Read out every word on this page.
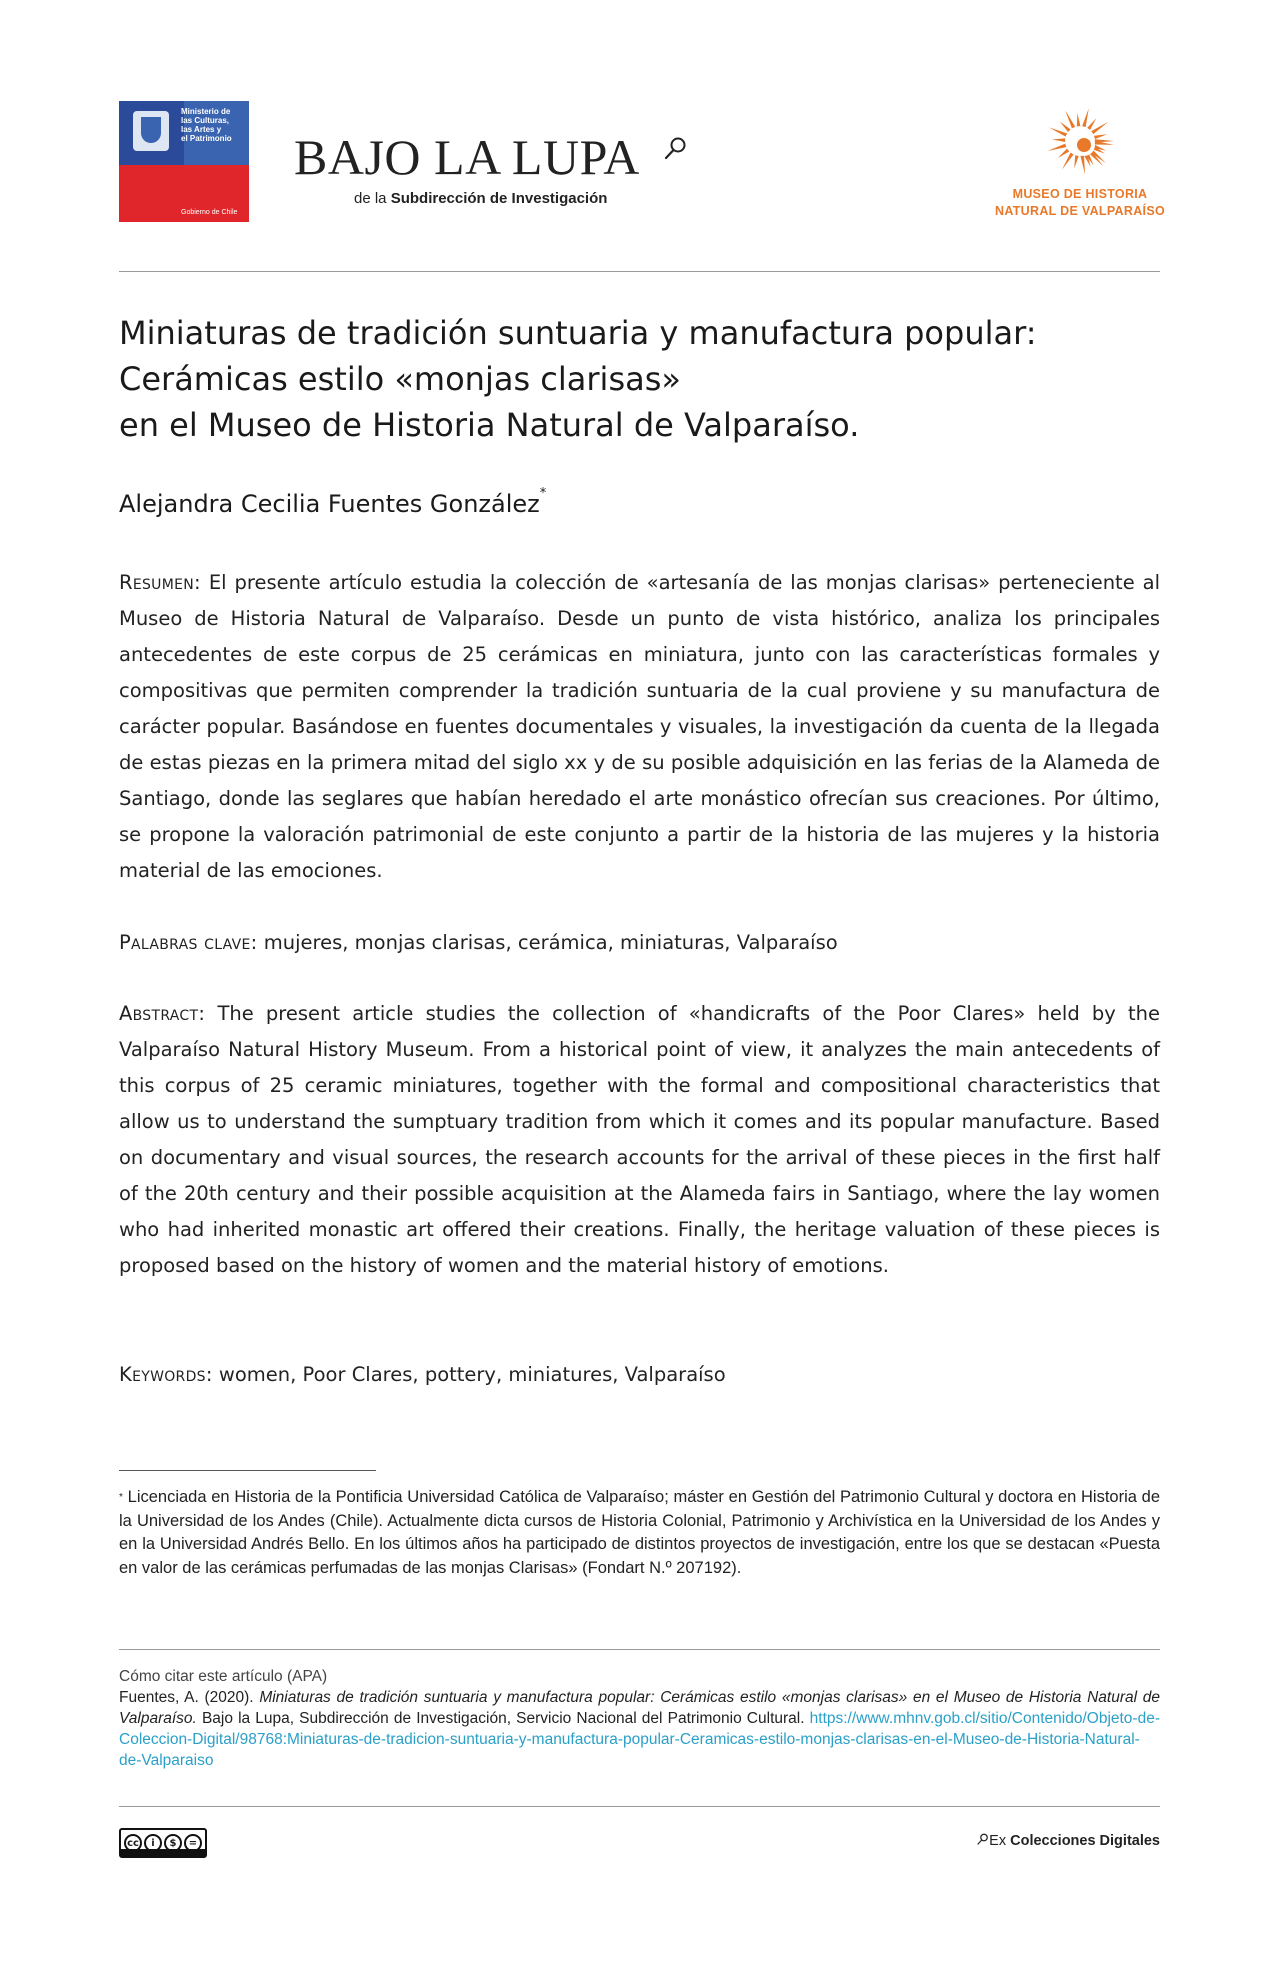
Ministerio de
las Culturas,
las Artes y
el Patrimonio
Gobierno de Chile
BAJO LA LUPA
de la Subdirección de Investigación	MUSEO DE HISTORIA
NATURAL DE VALPARAÍSO
Miniaturas de tradición suntuaria y manufactura popular:
Cerámicas estilo «monjas clarisas»
en el Museo de Historia Natural de Valparaíso.
Alejandra Cecilia Fuentes González*
Resumen: El presente artículo estudia la colección de «artesanía de las monjas clarisas» perteneciente al Museo de Historia Natural de Valparaíso. Desde un punto de vista histórico, analiza los principales antecedentes de este corpus de 25 cerámicas en miniatura, junto con las características formales y compositivas que permiten comprender la tradición suntuaria de la cual proviene y su manufactura de carácter popular. Basándose en fuentes documentales y visuales, la investigación da cuenta de la llegada de estas piezas en la primera mitad del siglo xx y de su posible adquisición en las ferias de la Alameda de Santiago, donde las seglares que habían heredado el arte monástico ofrecían sus creaciones. Por último, se propone la valoración patrimonial de este conjunto a partir de la historia de las mujeres y la historia material de las emociones.
Palabras clave: mujeres, monjas clarisas, cerámica, miniaturas, Valparaíso
Abstract: The present article studies the collection of «handicrafts of the Poor Clares» held by the Valparaíso Natural History Museum. From a historical point of view, it analyzes the main antecedents of this corpus of 25 ceramic miniatures, together with the formal and compositional characteristics that allow us to understand the sumptuary tradition from which it comes and its popular manufacture. Based on documentary and visual sources, the research accounts for the arrival of these pieces in the first half of the 20th century and their possible acquisition at the Alameda fairs in Santiago, where the lay women who had inherited monastic art offered their creations. Finally, the heritage valuation of these pieces is proposed based on the history of women and the material history of emotions.
Keywords: women, Poor Clares, pottery, miniatures, Valparaíso
* Licenciada en Historia de la Pontificia Universidad Católica de Valparaíso; máster en Gestión del Patrimonio Cultural y doctora en Historia de la Universidad de los Andes (Chile). Actualmente dicta cursos de Historia Colonial, Patrimonio y Archivística en la Universidad de los Andes y en la Universidad Andrés Bello. En los últimos años ha participado de distintos proyectos de investigación, entre los que se destacan «Puesta en valor de las cerámicas perfumadas de las monjas Clarisas» (Fondart N.º 207192).
Cómo citar este artículo (APA)
Fuentes, A. (2020). Miniaturas de tradición suntuaria y manufactura popular: Cerámicas estilo «monjas clarisas» en el Museo de Historia Natural de Valparaíso. Bajo la Lupa, Subdirección de Investigación, Servicio Nacional del Patrimonio Cultural. https://www.mhnv.gob.cl/sitio/Contenido/Objeto-de-Coleccion-Digital/98768:Miniaturas-de-tradicion-suntuaria-y-manufactura-popular-Ceramicas-estilo-monjas-clarisas-en-el-Museo-de-Historia-Natural-de-Valparaiso
cc	i	$	=	Ex Colecciones Digitales
